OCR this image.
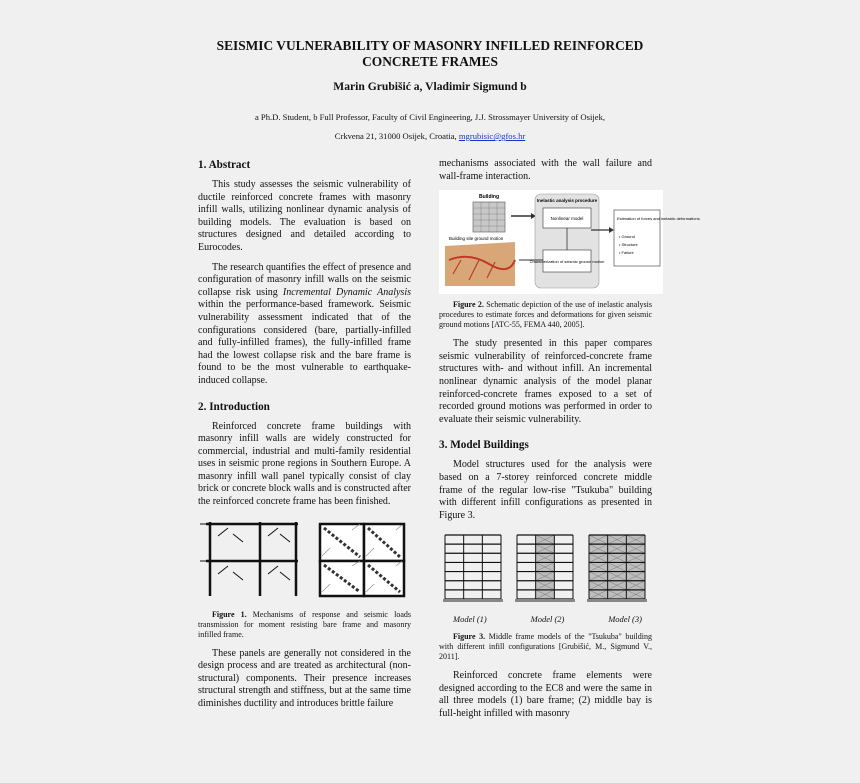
SEISMIC VULNERABILITY OF MASONRY INFILLED REINFORCED
CONCRETE FRAMES
Marin Grubišić a, Vladimir Sigmund b
a Ph.D. Student, b Full Professor, Faculty of Civil Engineering, J.J. Strossmayer University of Osijek,
Crkvena 21, 31000 Osijek, Croatia, mgrubisic@gfos.hr
1. Abstract

This study assesses the seismic vulnerability of ductile reinforced concrete frames with masonry infill walls, utilizing nonlinear dynamic analysis of building models. The evaluation is based on structures designed and detailed according to Eurocodes.

The research quantifies the effect of presence and configuration of masonry infill walls on the seismic collapse risk using Incremental Dynamic Analysis within the performance-based framework. Seismic vulnerability assessment indicated that of the configurations considered (bare, partially-infilled and fully-infilled frames), the fully-infilled frame had the lowest collapse risk and the bare frame is found to be the most vulnerable to earthquake-induced collapse.

2. Introduction

Reinforced concrete frame buildings with masonry infill walls are widely constructed for commercial, industrial and multi-family residential uses in seismic prone regions in Southern Europe. A masonry infill wall panel typically consist of clay brick or concrete block walls and is constructed after the reinforced concrete frame has been finished.

Figure 1. Mechanisms of response and seismic loads transmission for moment resisting bare frame and masonry infilled frame.

These panels are generally not considered in the design process and are treated as architectural (non-structural) components. Their presence increases structural strength and stiffness, but at the same time diminishes ductility and introduces brittle failure

mechanisms associated with the wall failure and wall-frame interaction.

Building
Building site ground motion
Inelastic analysis procedure
Nonlinear model
Characterization of seismic ground motion
Estimation of forces and inelastic deformations
• Ground
• Structure
• Failure
Figure 2. Schematic depiction of the use of inelastic analysis procedures to estimate forces and deformations for given seismic ground motions [ATC-55, FEMA 440, 2005].

The study presented in this paper compares seismic vulnerability of reinforced-concrete frame structures with- and without infill. An incremental nonlinear dynamic analysis of the model planar reinforced-concrete frames exposed to a set of recorded ground motions was performed in order to evaluate their seismic vulnerability.

3. Model Buildings

Model structures used for the analysis were based on a 7-storey reinforced concrete middle frame of the regular low-rise "Tsukuba" building with different infill configurations as presented in Figure 3.

Model (1)	Model (2)	Model (3)
Figure 3. Middle frame models of the "Tsukuba" building with different infill configurations [Grubišić, M., Sigmund V., 2011].

Reinforced concrete frame elements were designed according to the EC8 and were the same in all three models (1) bare frame; (2) middle bay is full-height infilled with masonry
